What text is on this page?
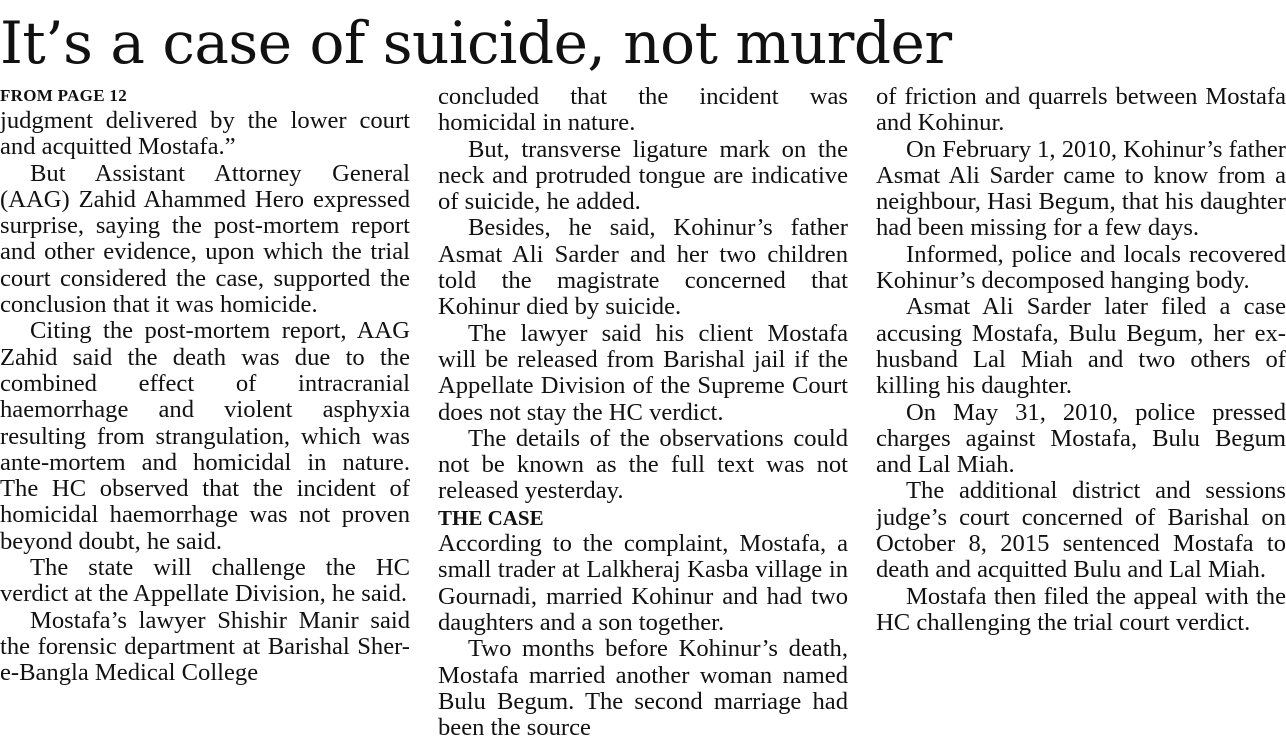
It’s a case of suicide, not murder

FROM PAGE 12

judgment delivered by the lower court and acquitted Mostafa.”

But Assistant Attorney General (AAG) Zahid Ahammed Hero expressed surprise, saying the post-mortem report and other evidence, upon which the trial court considered the case, supported the conclusion that it was homicide.

Citing the post-mortem report, AAG Zahid said the death was due to the combined effect of intracranial haemorrhage and violent asphyxia resulting from strangulation, which was ante-mortem and homicidal in nature. The HC observed that the incident of homicidal haemorrhage was not proven beyond doubt, he said.

The state will challenge the HC verdict at the Appellate Division, he said.

Mostafa’s lawyer Shishir Manir said the forensic department at Barishal Sher-e-Bangla Medical College

concluded that the incident was homicidal in nature.

But, transverse ligature mark on the neck and protruded tongue are indicative of suicide, he added.

Besides, he said, Kohinur’s father Asmat Ali Sarder and her two children told the magistrate concerned that Kohinur died by suicide.

The lawyer said his client Mostafa will be released from Barishal jail if the Appellate Division of the Supreme Court does not stay the HC verdict.

The details of the observations could not be known as the full text was not released yesterday.

THE CASE

According to the complaint, Mostafa, a small trader at Lalkheraj Kasba village in Gournadi, married Kohinur and had two daughters and a son together.

Two months before Kohinur’s death, Mostafa married another woman named Bulu Begum. The second marriage had been the source

of friction and quarrels between Mostafa and Kohinur.

On February 1, 2010, Kohinur’s father Asmat Ali Sarder came to know from a neighbour, Hasi Begum, that his daughter had been missing for a few days.

Informed, police and locals recovered Kohinur’s decomposed hanging body.

Asmat Ali Sarder later filed a case accusing Mostafa, Bulu Begum, her ex-husband Lal Miah and two others of killing his daughter.

On May 31, 2010, police pressed charges against Mostafa, Bulu Begum and Lal Miah.

The additional district and sessions judge’s court concerned of Barishal on October 8, 2015 sentenced Mostafa to death and acquitted Bulu and Lal Miah.

Mostafa then filed the appeal with the HC challenging the trial court verdict.
